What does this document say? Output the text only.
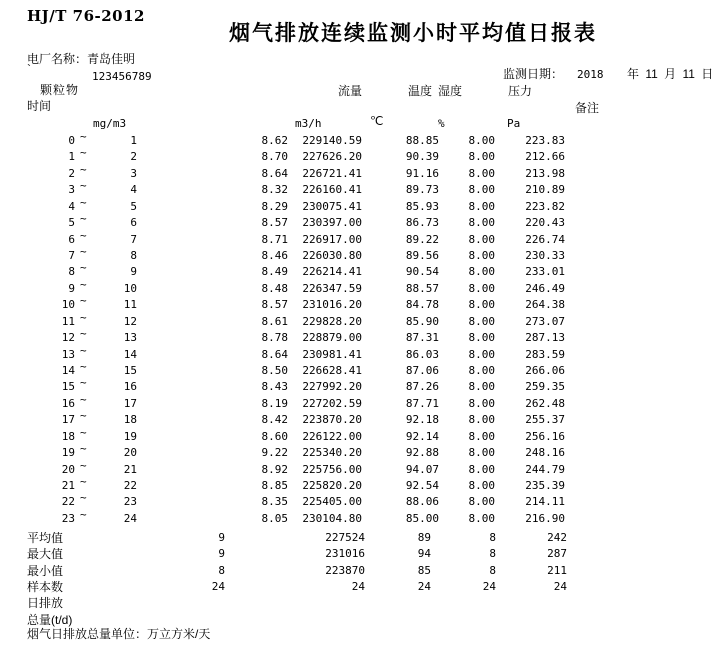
HJ/T 76-2012
烟气排放连续监测小时平均值日报表
电厂名称： 青岛佳明
`
123456789	监测日期： 2018 年 11 月 11 日
颗粒物	流量	温度 湿度	压力
时间	备注
mg/m3	m3/h	℃	%	Pa
0 ~	1	8.62	229140.59	88.85	8.00	223.83
1 ~	2	8.70	227626.20	90.39	8.00	212.66
2 ~	3	8.64	226721.41	91.16	8.00	213.98
3 ~	4	8.32	226160.41	89.73	8.00	210.89
4 ~	5	8.29	230075.41	85.93	8.00	223.82
5 ~	6	8.57	230397.00	86.73	8.00	220.43
6 ~	7	8.71	226917.00	89.22	8.00	226.74
7 ~	8	8.46	226030.80	89.56	8.00	230.33
8 ~	9	8.49	226214.41	90.54	8.00	233.01
9 ~	10	8.48	226347.59	88.57	8.00	246.49
10 ~	11	8.57	231016.20	84.78	8.00	264.38
11 ~	12	8.61	229828.20	85.90	8.00	273.07
12 ~	13	8.78	228879.00	87.31	8.00	287.13
13 ~	14	8.64	230981.41	86.03	8.00	283.59
14 ~	15	8.50	226628.41	87.06	8.00	266.06
15 ~	16	8.43	227992.20	87.26	8.00	259.35
16 ~	17	8.19	227202.59	87.71	8.00	262.48
17 ~	18	8.42	223870.20	92.18	8.00	255.37
18 ~	19	8.60	226122.00	92.14	8.00	256.16
19 ~	20	9.22	225340.20	92.88	8.00	248.16
20 ~	21	8.92	225756.00	94.07	8.00	244.79
21 ~	22	8.85	225820.20	92.54	8.00	235.39
22 ~	23	8.35	225405.00	88.06	8.00	214.11
23 ~	24	8.05	230104.80	85.00	8.00	216.90
平均值	9	227524	89	8	242
最大值	9	231016	94	8	287
最小值	8	223870	85	8	211
样本数	24	24	24	24	24
日排放
总量(t/d)
烟气日排放总量单位：万立方米/天
